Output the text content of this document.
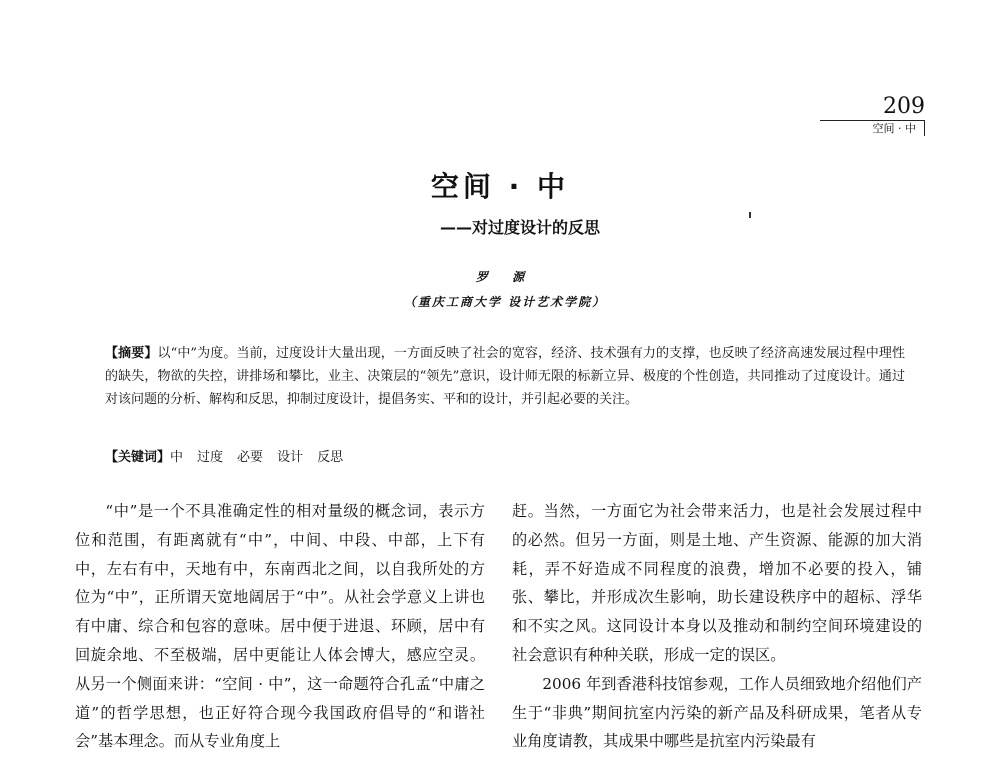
209
空间 · 中
空间 · 中
——对过度设计的反思
罗 源
（重庆工商大学 设计艺术学院）

【摘要】以“中”为度。当前，过度设计大量出现，一方面反映了社会的宽容，经济、技术强有力的支撑，也反映了经济高速发展过程中理性的缺失，物欲的失控，讲排场和攀比，业主、决策层的“领先”意识，设计师无限的标新立异、极度的个性创造，共同推动了过度设计。通过对该问题的分析、解构和反思，抑制过度设计，提倡务实、平和的设计，并引起必要的关注。

【关键词】中 过度 必要 设计 反思

“中”是一个不具准确定性的相对量级的概念词，表示方位和范围，有距离就有“中”，中间、中段、中部，上下有中，左右有中，天地有中，东南西北之间，以自我所处的方位为“中”，正所谓天宽地阔居于“中”。从社会学意义上讲也有中庸、综合和包容的意味。居中便于进退、环顾，居中有回旋余地、不至极端，居中更能让人体会博大，感应空灵。从另一个侧面来讲：“空间 · 中”，这一命题符合孔孟“中庸之道”的哲学思想，也正好符合现今我国政府倡导的“和谐社会”基本理念。而从专业角度上

赶。当然，一方面它为社会带来活力，也是社会发展过程中的必然。但另一方面，则是土地、产生资源、能源的加大消耗，弄不好造成不同程度的浪费，增加不必要的投入，铺张、攀比，并形成次生影响，助长建设秩序中的超标、浮华和不实之风。这同设计本身以及推动和制约空间环境建设的社会意识有种种关联，形成一定的误区。

2006 年到香港科技馆参观，工作人员细致地介绍他们产生于“非典”期间抗室内污染的新产品及科研成果，笔者从专业角度请教，其成果中哪些是抗室内污染最有
